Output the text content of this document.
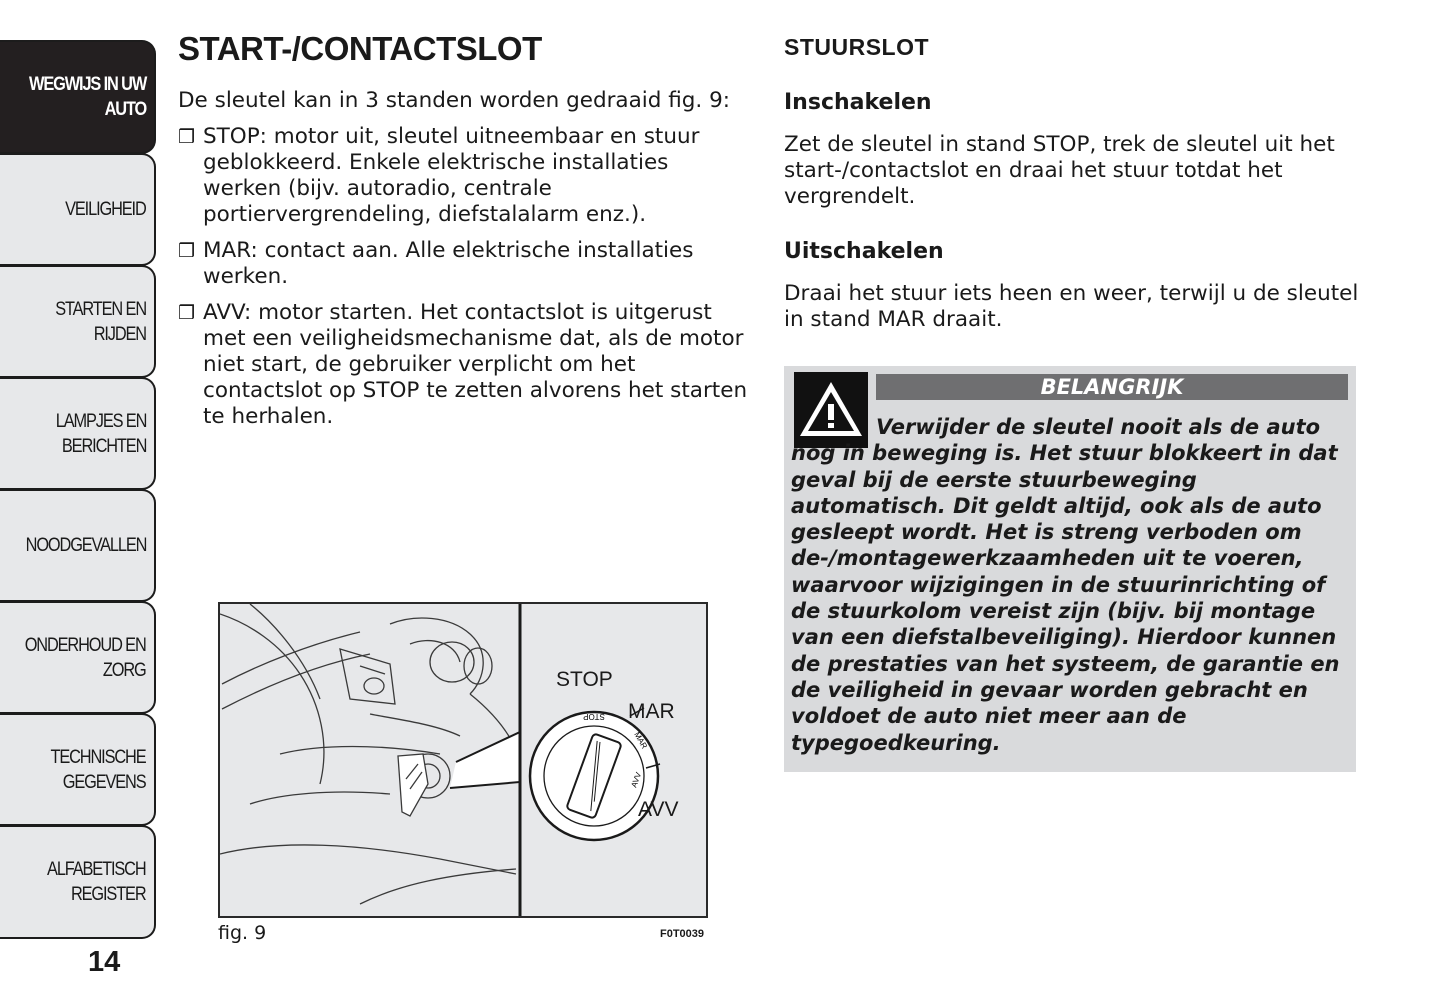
WEGWIJS IN UW
AUTO
VEILIGHEID
STARTEN EN RIJDEN
LAMPJES EN
BERICHTEN
NOODGEVALLEN
ONDERHOUD EN
ZORG
TECHNISCHE
GEGEVENS
ALFABETISCH
REGISTER
14
START-/CONTACTSLOT

De sleutel kan in 3 standen worden gedraaid fig. 9:

❒ STOP: motor uit, sleutel uitneembaar en stuur geblokkeerd. Enkele elektrische installaties werken (bijv. autoradio, centrale portiervergrendeling, diefstalalarm enz.).
❒ MAR: contact aan. Alle elektrische installaties werken.
❒ AVV: motor starten. Het contactslot is uitgerust met een veiligheidsmechanisme dat, als de motor niet start, de gebruiker verplicht om het contactslot op STOP te zetten alvorens het starten te herhalen.
STOP
MAR
AVV
STOP
MAR
AVV
fig. 9	F0T0039
STUURSLOT
Inschakelen

Zet de sleutel in stand STOP, trek de sleutel uit het start-/contactslot en draai het stuur totdat het vergrendelt.

Uitschakelen

Draai het stuur iets heen en weer, terwijl u de sleutel in stand MAR draait.

BELANGRIJK

Verwijder de sleutel nooit als de auto nog in beweging is. Het stuur blokkeert in dat geval bij de eerste stuurbeweging automatisch. Dit geldt altijd, ook als de auto gesleept wordt. Het is streng verboden om de-/montagewerkzaamheden uit te voeren, waarvoor wijzigingen in de stuurinrichting of de stuurkolom vereist zijn (bijv. bij montage van een diefstalbeveiliging). Hierdoor kunnen de prestaties van het systeem, de garantie en de veiligheid in gevaar worden gebracht en voldoet de auto niet meer aan de typegoedkeuring.
